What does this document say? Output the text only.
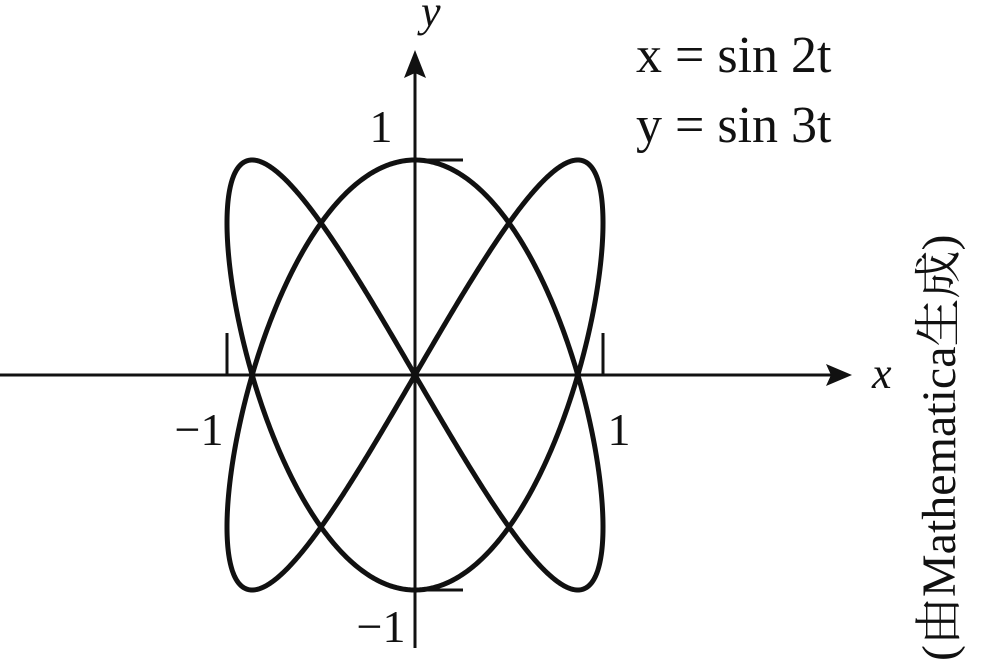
−1	1
−1
1
x
y
x = sin 2t
y = sin 3t
(由Mathematica生成)
